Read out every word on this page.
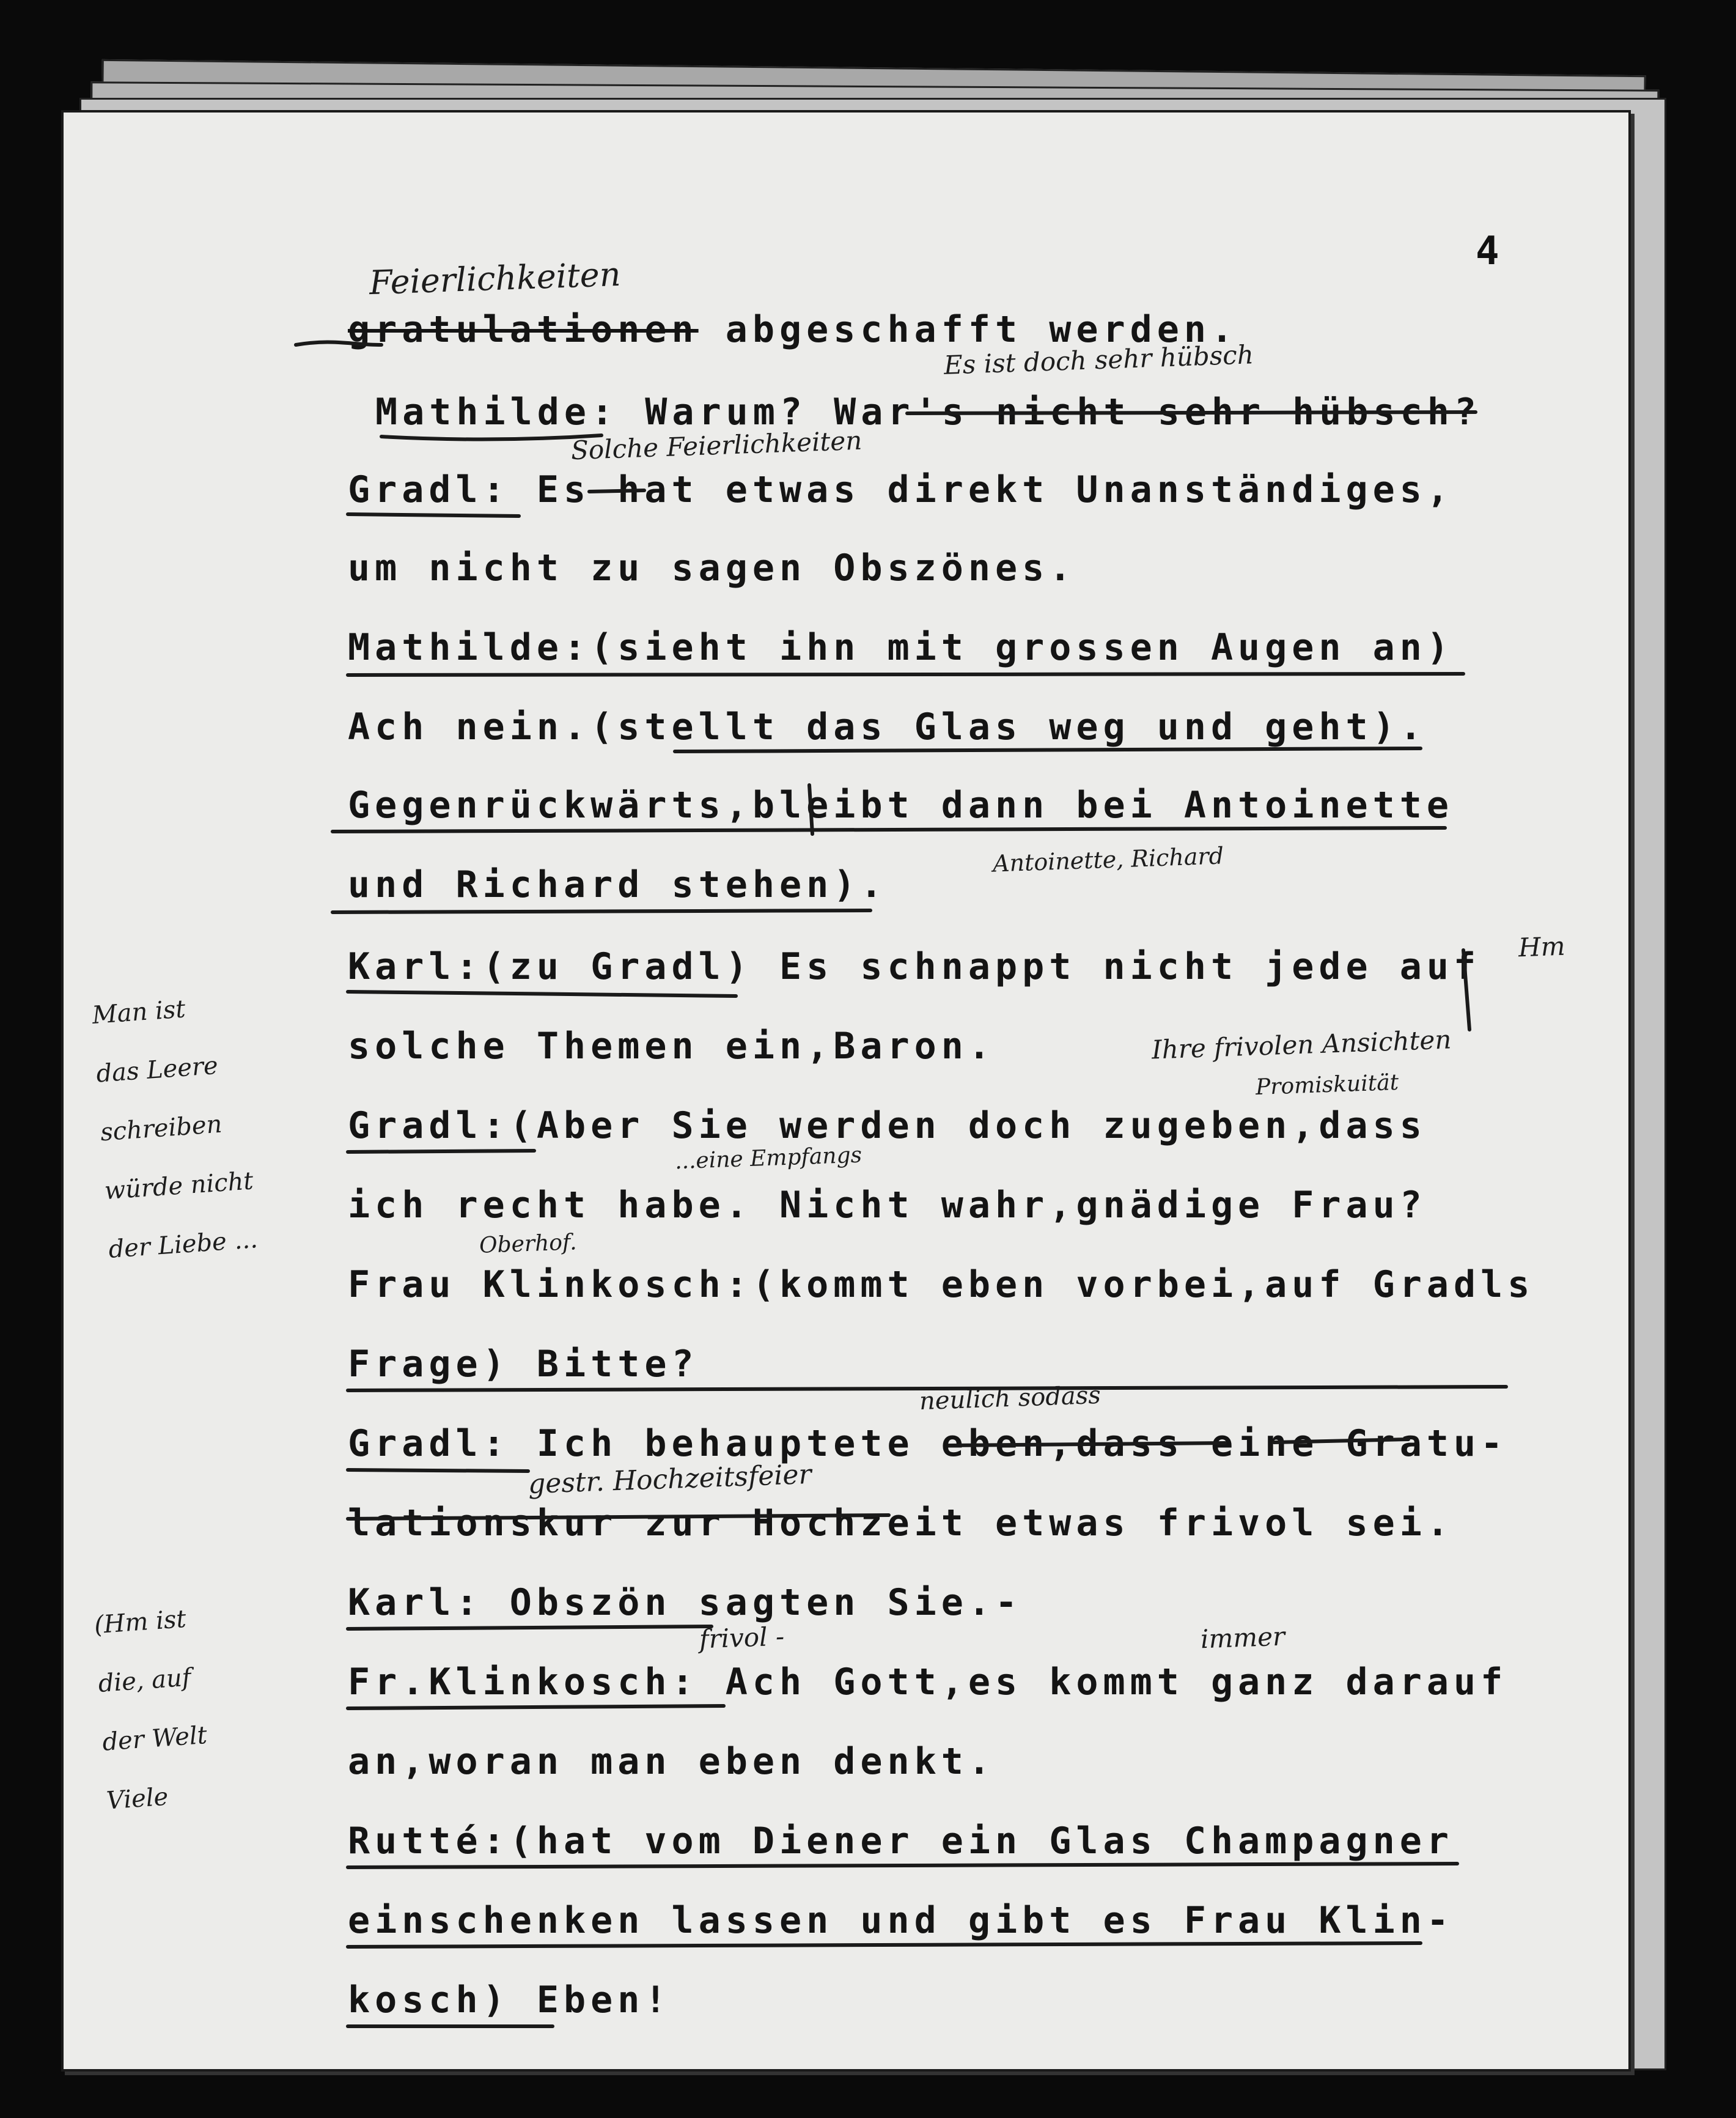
4
gratulationen abgeschafft werden.
Mathilde: Warum? War's nicht sehr hübsch?
Gradl: Es hat etwas direkt Unanständiges,
um nicht zu sagen Obszönes.
Mathilde:(sieht ihn mit grossen Augen an)
Ach nein.(stellt das Glas weg und geht).
Gegenrückwärts,bleibt dann bei Antoinette
und Richard stehen).
Karl:(zu Gradl) Es schnappt nicht jede auf
solche Themen ein,Baron.
Gradl:(Aber Sie werden doch zugeben,dass
ich recht habe. Nicht wahr,gnädige Frau?
Frau Klinkosch:(kommt eben vorbei,auf Gradls
Frage) Bitte?
Gradl: Ich behauptete eben,dass eine Gratu-
lationskur zur Hochzeit etwas frivol sei.
Karl: Obszön sagten Sie.-
Fr.Klinkosch: Ach Gott,es kommt ganz darauf
an,woran man eben denkt.
Rutté:(hat vom Diener ein Glas Champagner
einschenken lassen und gibt es Frau Klin-
kosch) Eben!
Feierlichkeiten
Es ist doch sehr hübsch
Solche Feierlichkeiten
Antoinette, Richard
Hm
Ihre frivolen Ansichten
Promiskuität
...eine Empfangs
Oberhof.
neulich sodass
gestr. Hochzeitsfeier
frivol -	immer
Man ist
das Leere
schreiben
würde nicht
der Liebe ...
(Hm ist
die, auf
der Welt
Viele
